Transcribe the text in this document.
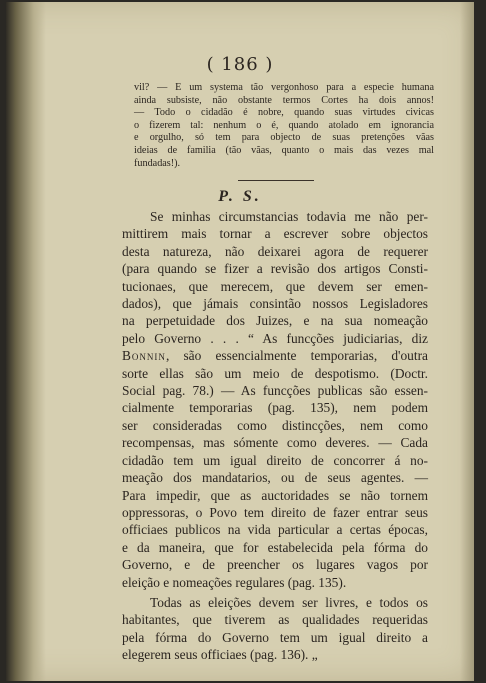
( 186 )
vil? — E um systema tão vergonhoso para a especie humana
ainda subsiste, não obstante termos Cortes ha dois annos!
— Todo o cidadão é nobre, quando suas virtudes civicas
o fizerem tal: nenhum o é, quando atolado em ignorancia
e orgulho, só tem para objecto de suas pretenções vãas
ideias de familia (tão vãas, quanto o mais das vezes mal
fundadas!).
P. S.
Se minhas circumstancias todavia me não per-
mittirem mais tornar a escrever sobre objectos
desta natureza, não deixarei agora de requerer
(para quando se fizer a revisão dos artigos Consti-
tucionaes, que merecem, que devem ser emen-
dados), que jámais consintão nossos Legisladores
na perpetuidade dos Juizes, e na sua nomeação
pelo Governo . . . “ As funcções judiciarias, diz
Bonnin, são essencialmente temporarias, d'outra
sorte ellas são um meio de despotismo. (Doctr.
Social pag. 78.) — As funcções publicas são essen-
cialmente temporarias (pag. 135), nem podem
ser consideradas como distincções, nem como
recompensas, mas sómente como deveres. — Cada
cidadão tem um igual direito de concorrer á no-
meação dos mandatarios, ou de seus agentes. —
Para impedir, que as auctoridades se não tornem
oppressoras, o Povo tem direito de fazer entrar seus
officiaes publicos na vida particular a certas épocas,
e da maneira, que for estabelecida pela fórma do
Governo, e de preencher os lugares vagos por
eleição e nomeações regulares (pag. 135).
Todas as eleições devem ser livres, e todos os
habitantes, que tiverem as qualidades requeridas
pela fórma do Governo tem um igual direito a
elegerem seus officiaes (pag. 136). „
